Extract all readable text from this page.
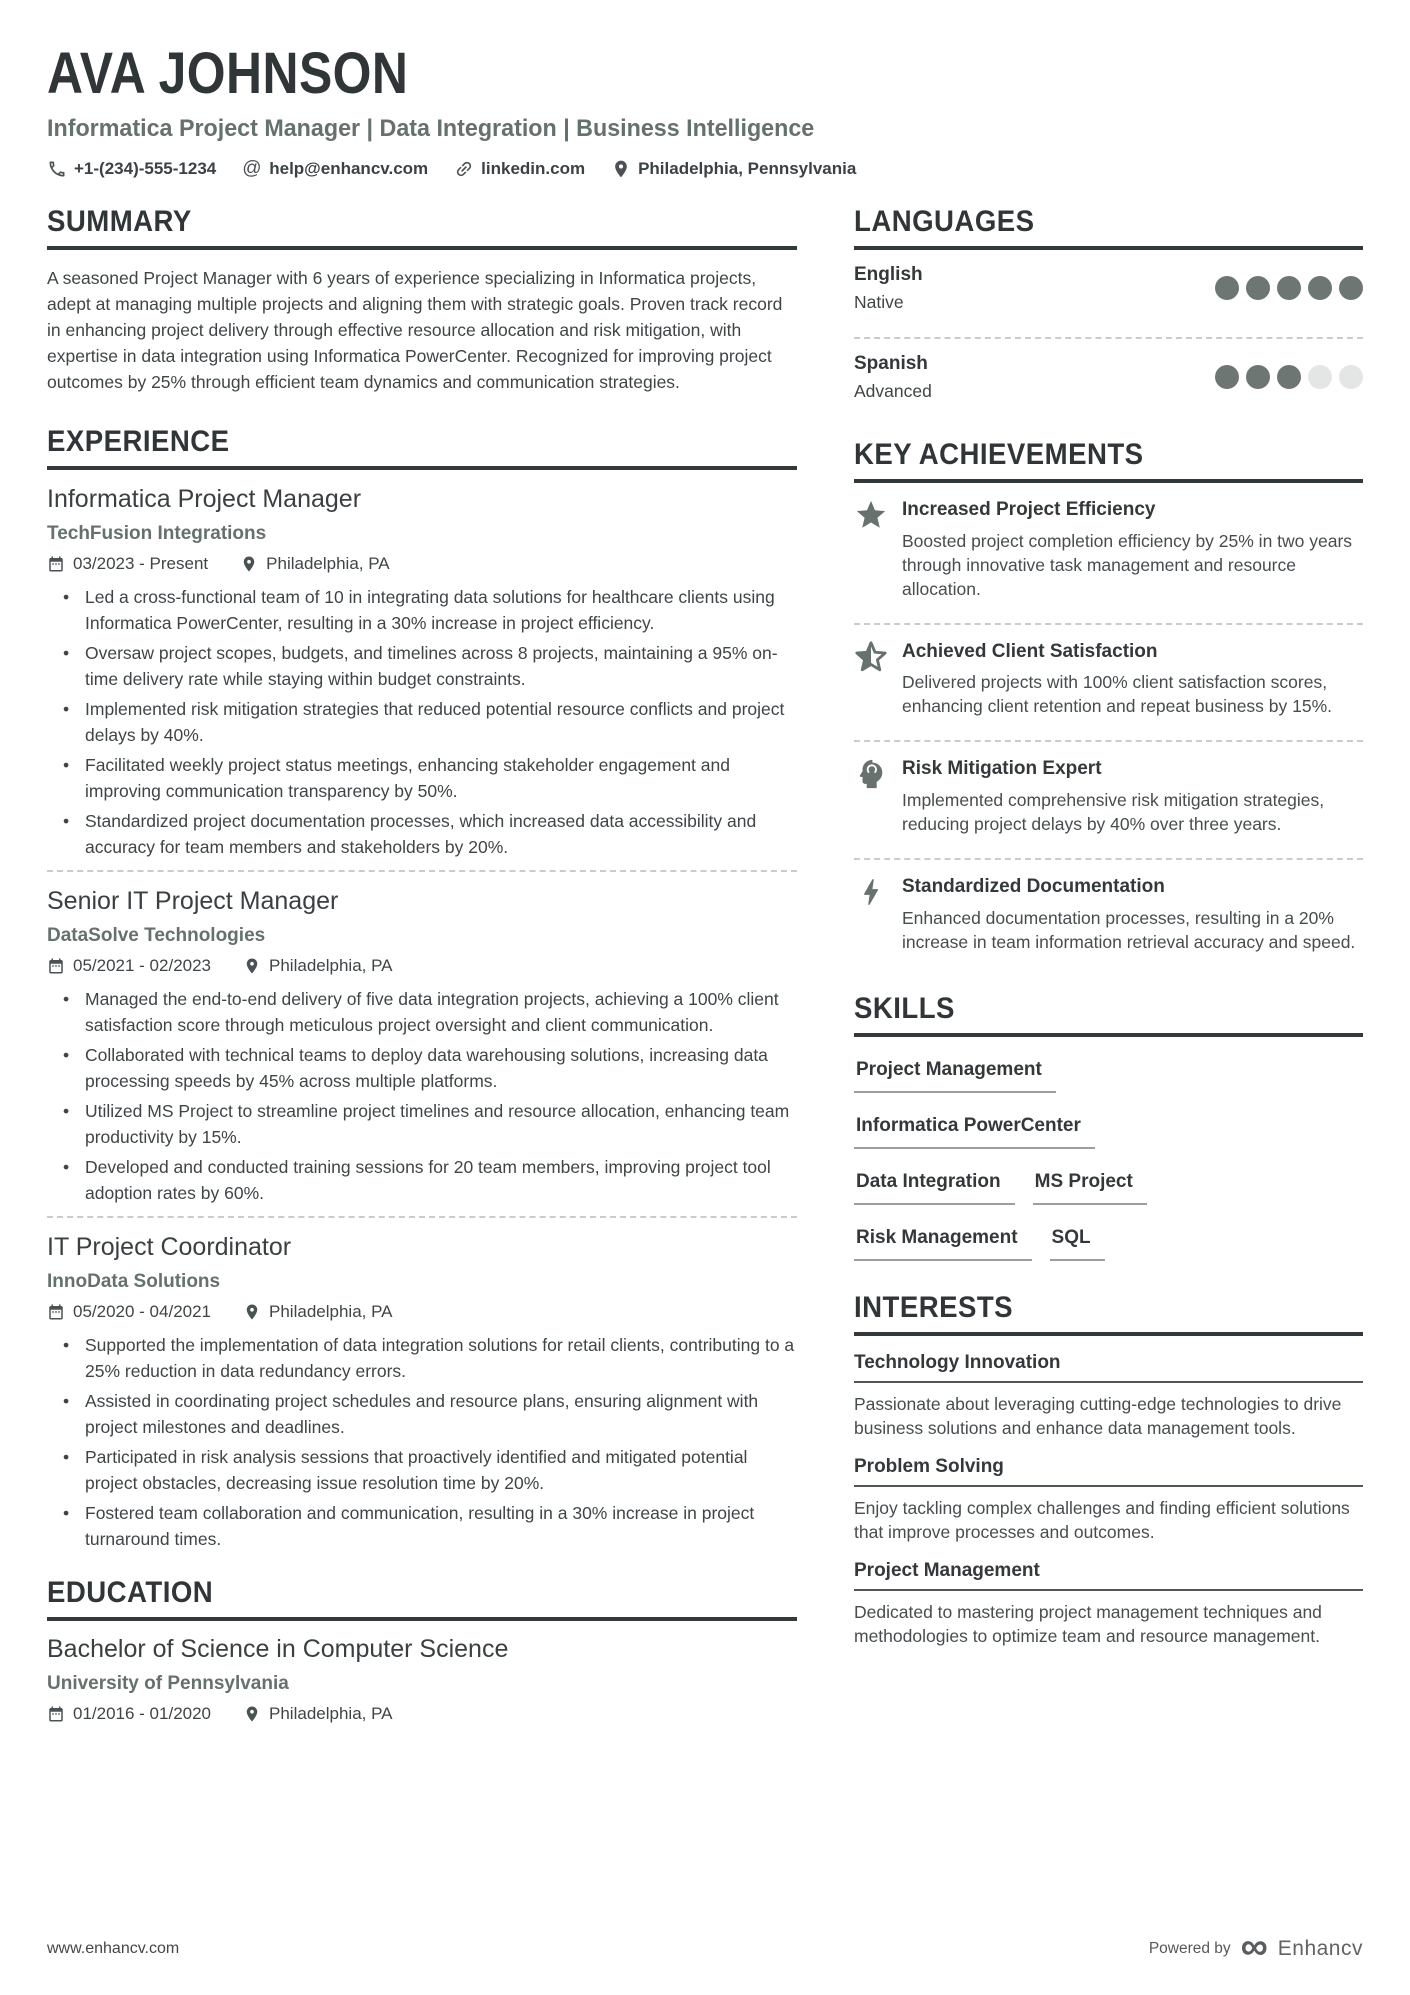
AVA JOHNSON
Informatica Project Manager | Data Integration | Business Intelligence
+1-(234)-555-1234 @ help@enhancv.com	linkedin.com	Philadelphia, Pennsylvania
SUMMARY

A seasoned Project Manager with 6 years of experience specializing in Informatica projects, adept at managing multiple projects and aligning them with strategic goals. Proven track record in enhancing project delivery through effective resource allocation and risk mitigation, with expertise in data integration using Informatica PowerCenter. Recognized for improving project outcomes by 25% through efficient team dynamics and communication strategies.

EXPERIENCE
Informatica Project Manager
TechFusion Integrations
03/2023 - Present	Philadelphia, PA
• Led a cross-functional team of 10 in integrating data solutions for healthcare clients using Informatica PowerCenter, resulting in a 30% increase in project efficiency.
• Oversaw project scopes, budgets, and timelines across 8 projects, maintaining a 95% on-time delivery rate while staying within budget constraints.
• Implemented risk mitigation strategies that reduced potential resource conflicts and project delays by 40%.
• Facilitated weekly project status meetings, enhancing stakeholder engagement and improving communication transparency by 50%.
• Standardized project documentation processes, which increased data accessibility and accuracy for team members and stakeholders by 20%.
Senior IT Project Manager
DataSolve Technologies
05/2021 - 02/2023	Philadelphia, PA
• Managed the end-to-end delivery of five data integration projects, achieving a 100% client satisfaction score through meticulous project oversight and client communication.
• Collaborated with technical teams to deploy data warehousing solutions, increasing data processing speeds by 45% across multiple platforms.
• Utilized MS Project to streamline project timelines and resource allocation, enhancing team productivity by 15%.
• Developed and conducted training sessions for 20 team members, improving project tool adoption rates by 60%.
IT Project Coordinator
InnoData Solutions
05/2020 - 04/2021	Philadelphia, PA
• Supported the implementation of data integration solutions for retail clients, contributing to a 25% reduction in data redundancy errors.
• Assisted in coordinating project schedules and resource plans, ensuring alignment with project milestones and deadlines.
• Participated in risk analysis sessions that proactively identified and mitigated potential project obstacles, decreasing issue resolution time by 20%.
• Fostered team collaboration and communication, resulting in a 30% increase in project turnaround times.
EDUCATION
Bachelor of Science in Computer Science
University of Pennsylvania
01/2016 - 01/2020	Philadelphia, PA
LANGUAGES
English
Native
Spanish
Advanced
KEY ACHIEVEMENTS
Increased Project Efficiency
Boosted project completion efficiency by 25% in two years through innovative task management and resource allocation.
Achieved Client Satisfaction
Delivered projects with 100% client satisfaction scores, enhancing client retention and repeat business by 15%.
Risk Mitigation Expert
Implemented comprehensive risk mitigation strategies, reducing project delays by 40% over three years.
Standardized Documentation
Enhanced documentation processes, resulting in a 20% increase in team information retrieval accuracy and speed.
SKILLS
Project Management
Informatica PowerCenter
Data Integration	MS Project
Risk Management	SQL
INTERESTS
Technology Innovation
Passionate about leveraging cutting-edge technologies to drive business solutions and enhance data management tools.
Problem Solving
Enjoy tackling complex challenges and finding efficient solutions that improve processes and outcomes.
Project Management
Dedicated to mastering project management techniques and methodologies to optimize team and resource management.
www.enhancv.com	Powered by ∞ Enhancv
